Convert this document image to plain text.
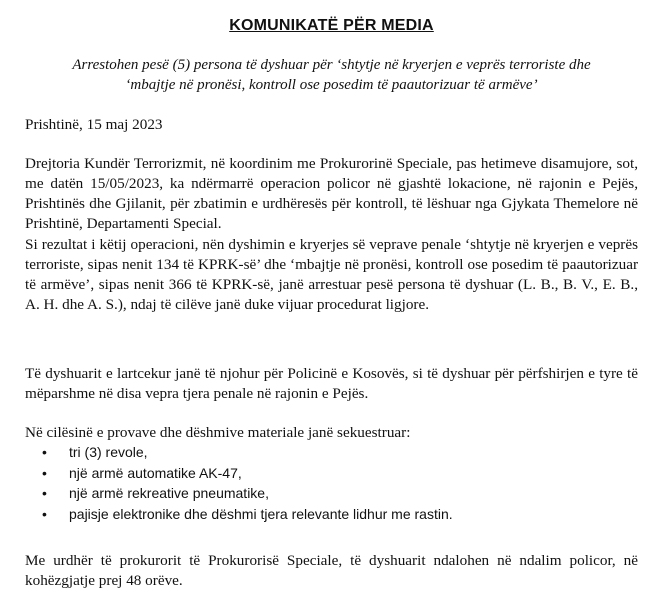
KOMUNIKATË PËR MEDIA
Arrestohen pesë (5) persona të dyshuar për ‘shtytje në kryerjen e veprës terroriste dhe
‘mbajtje në pronësi, kontroll ose posedim të paautorizuar të armëve’

Prishtinë, 15 maj 2023

Drejtoria Kundër Terrorizmit, në koordinim me Prokurorinë Speciale, pas hetimeve disamujore, sot, me datën 15/05/2023, ka ndërmarrë operacion policor në gjashtë lokacione, në rajonin e Pejës, Prishtinës dhe Gjilanit, për zbatimin e urdhëresës për kontroll, të lëshuar nga Gjykata Themelore në Prishtinë, Departamenti Special.

Si rezultat i këtij operacioni, nën dyshimin e kryerjes së veprave penale ‘shtytje në kryerjen e veprës terroriste, sipas nenit 134 të KPRK-së’ dhe ‘mbajtje në pronësi, kontroll ose posedim të paautorizuar të armëve’, sipas nenit 366 të KPRK-së, janë arrestuar pesë persona të dyshuar (L. B., B. V., E. B., A. H. dhe A. S.), ndaj të cilëve janë duke vijuar procedurat ligjore.

Të dyshuarit e lartcekur janë të njohur për Policinë e Kosovës, si të dyshuar për përfshirjen e tyre të mëparshme në disa vepra tjera penale në rajonin e Pejës.

Në cilësinë e provave dhe dëshmive materiale janë sekuestruar:

• tri (3) revole,
• një armë automatike AK-47,
• një armë rekreative pneumatike,
• pajisje elektronike dhe dëshmi tjera relevante lidhur me rastin.

Me urdhër të prokurorit të Prokurorisë Speciale, të dyshuarit ndalohen në ndalim policor, në kohëzgjatje prej 48 orëve.
